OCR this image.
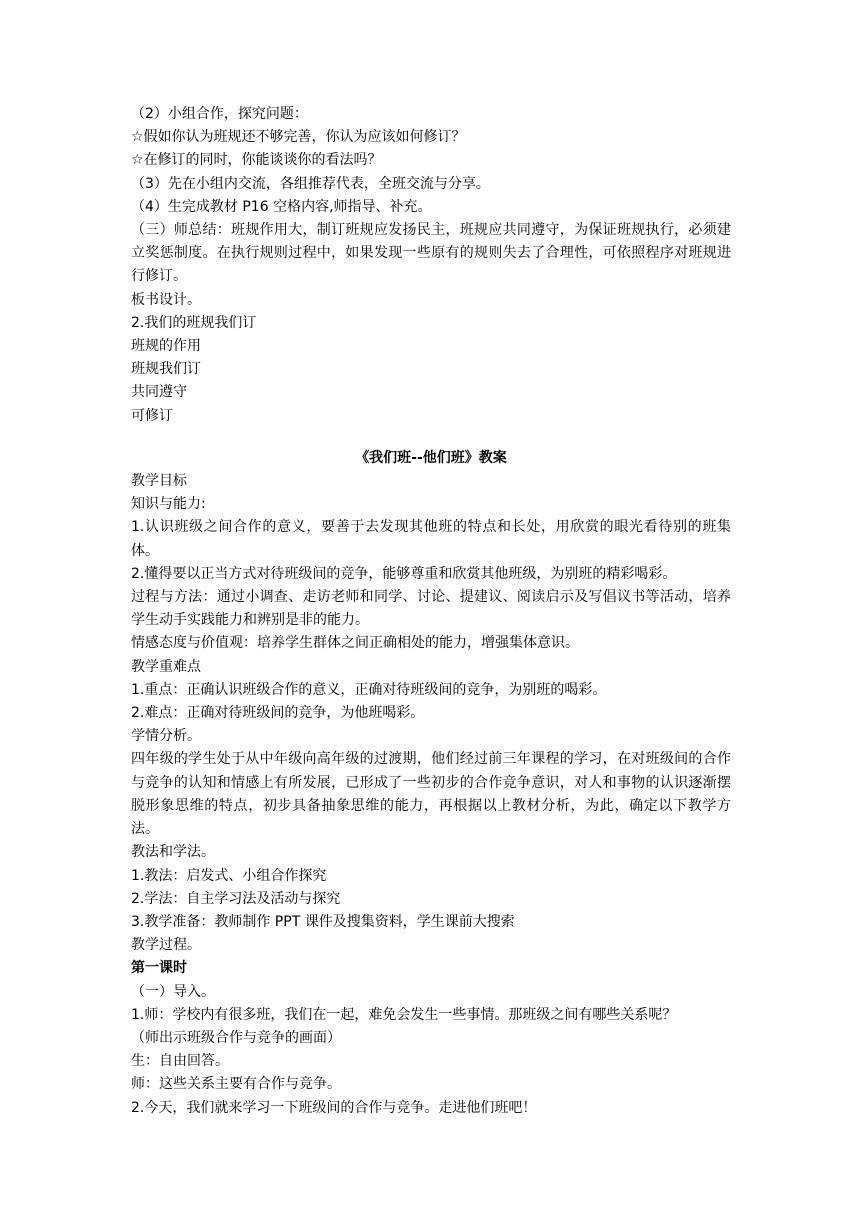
（2）小组合作，探究问题：
☆假如你认为班规还不够完善，你认为应该如何修订？
☆在修订的同时，你能谈谈你的看法吗？
（3）先在小组内交流，各组推荐代表，全班交流与分享。
（4）生完成教材 P16 空格内容,师指导、补充。
（三）师总结：班规作用大，制订班规应发扬民主，班规应共同遵守，为保证班规执行，必须建立奖惩制度。在执行规则过程中，如果发现一些原有的规则失去了合理性，可依照程序对班规进行修订。
板书设计。
2.我们的班规我们订
班规的作用
班规我们订
共同遵守
可修订
《我们班--他们班》教案
教学目标
知识与能力:
1.认识班级之间合作的意义，要善于去发现其他班的特点和长处，用欣赏的眼光看待别的班集体。
2.懂得要以正当方式对待班级间的竞争，能够尊重和欣赏其他班级，为别班的精彩喝彩。
过程与方法：通过小调查、走访老师和同学、讨论、提建议、阅读启示及写倡议书等活动，培养学生动手实践能力和辨别是非的能力。
情感态度与价值观：培养学生群体之间正确相处的能力，增强集体意识。
教学重难点
1.重点：正确认识班级合作的意义，正确对待班级间的竞争，为别班的喝彩。
2.难点：正确对待班级间的竞争，为他班喝彩。
学情分析。
四年级的学生处于从中年级向高年级的过渡期，他们经过前三年课程的学习，在对班级间的合作与竞争的认知和情感上有所发展，已形成了一些初步的合作竞争意识，对人和事物的认识逐渐摆脱形象思维的特点，初步具备抽象思维的能力，再根据以上教材分析，为此，确定以下教学方法。
教法和学法。
1.教法：启发式、小组合作探究
2.学法：自主学习法及活动与探究
3.教学准备：教师制作 PPT 课件及搜集资料，学生课前大搜索
教学过程。
第一课时
（一）导入。
1.师：学校内有很多班，我们在一起，难免会发生一些事情。那班级之间有哪些关系呢？
（师出示班级合作与竞争的画面）
生：自由回答。
师：这些关系主要有合作与竞争。
2.今天，我们就来学习一下班级间的合作与竞争。走进他们班吧！
